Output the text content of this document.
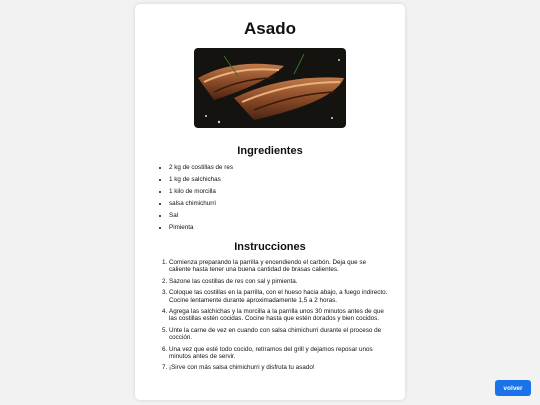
Asado
Ingredientes
• 2 kg de costillas de res
• 1 kg de salchichas
• 1 kilo de morcilla
• salsa chimichurri
• Sal
• Pimienta
Instrucciones
1. Comienza preparando la parrilla y encendiendo el carbón. Deja que se caliente hasta tener una buena cantidad de brasas calientes.
2. Sazone las costillas de res con sal y pimienta.
3. Coloque las costillas en la parrilla, con el hueso hacia abajo, a fuego indirecto. Cocine lentamente durante aproximadamente 1,5 a 2 horas.
4. Agrega las salchichas y la morcilla a la parrilla unos 30 minutos antes de que las costillas estén cocidas. Cocine hasta que estén dorados y bien cocidos.
5. Unte la carne de vez en cuando con salsa chimichurri durante el proceso de cocción.
6. Una vez que esté todo cocido, retíramos del grill y dejamos reposar unos minutos antes de servir.
7. ¡Sirve con más salsa chimichurri y disfruta tu asado!
volver
